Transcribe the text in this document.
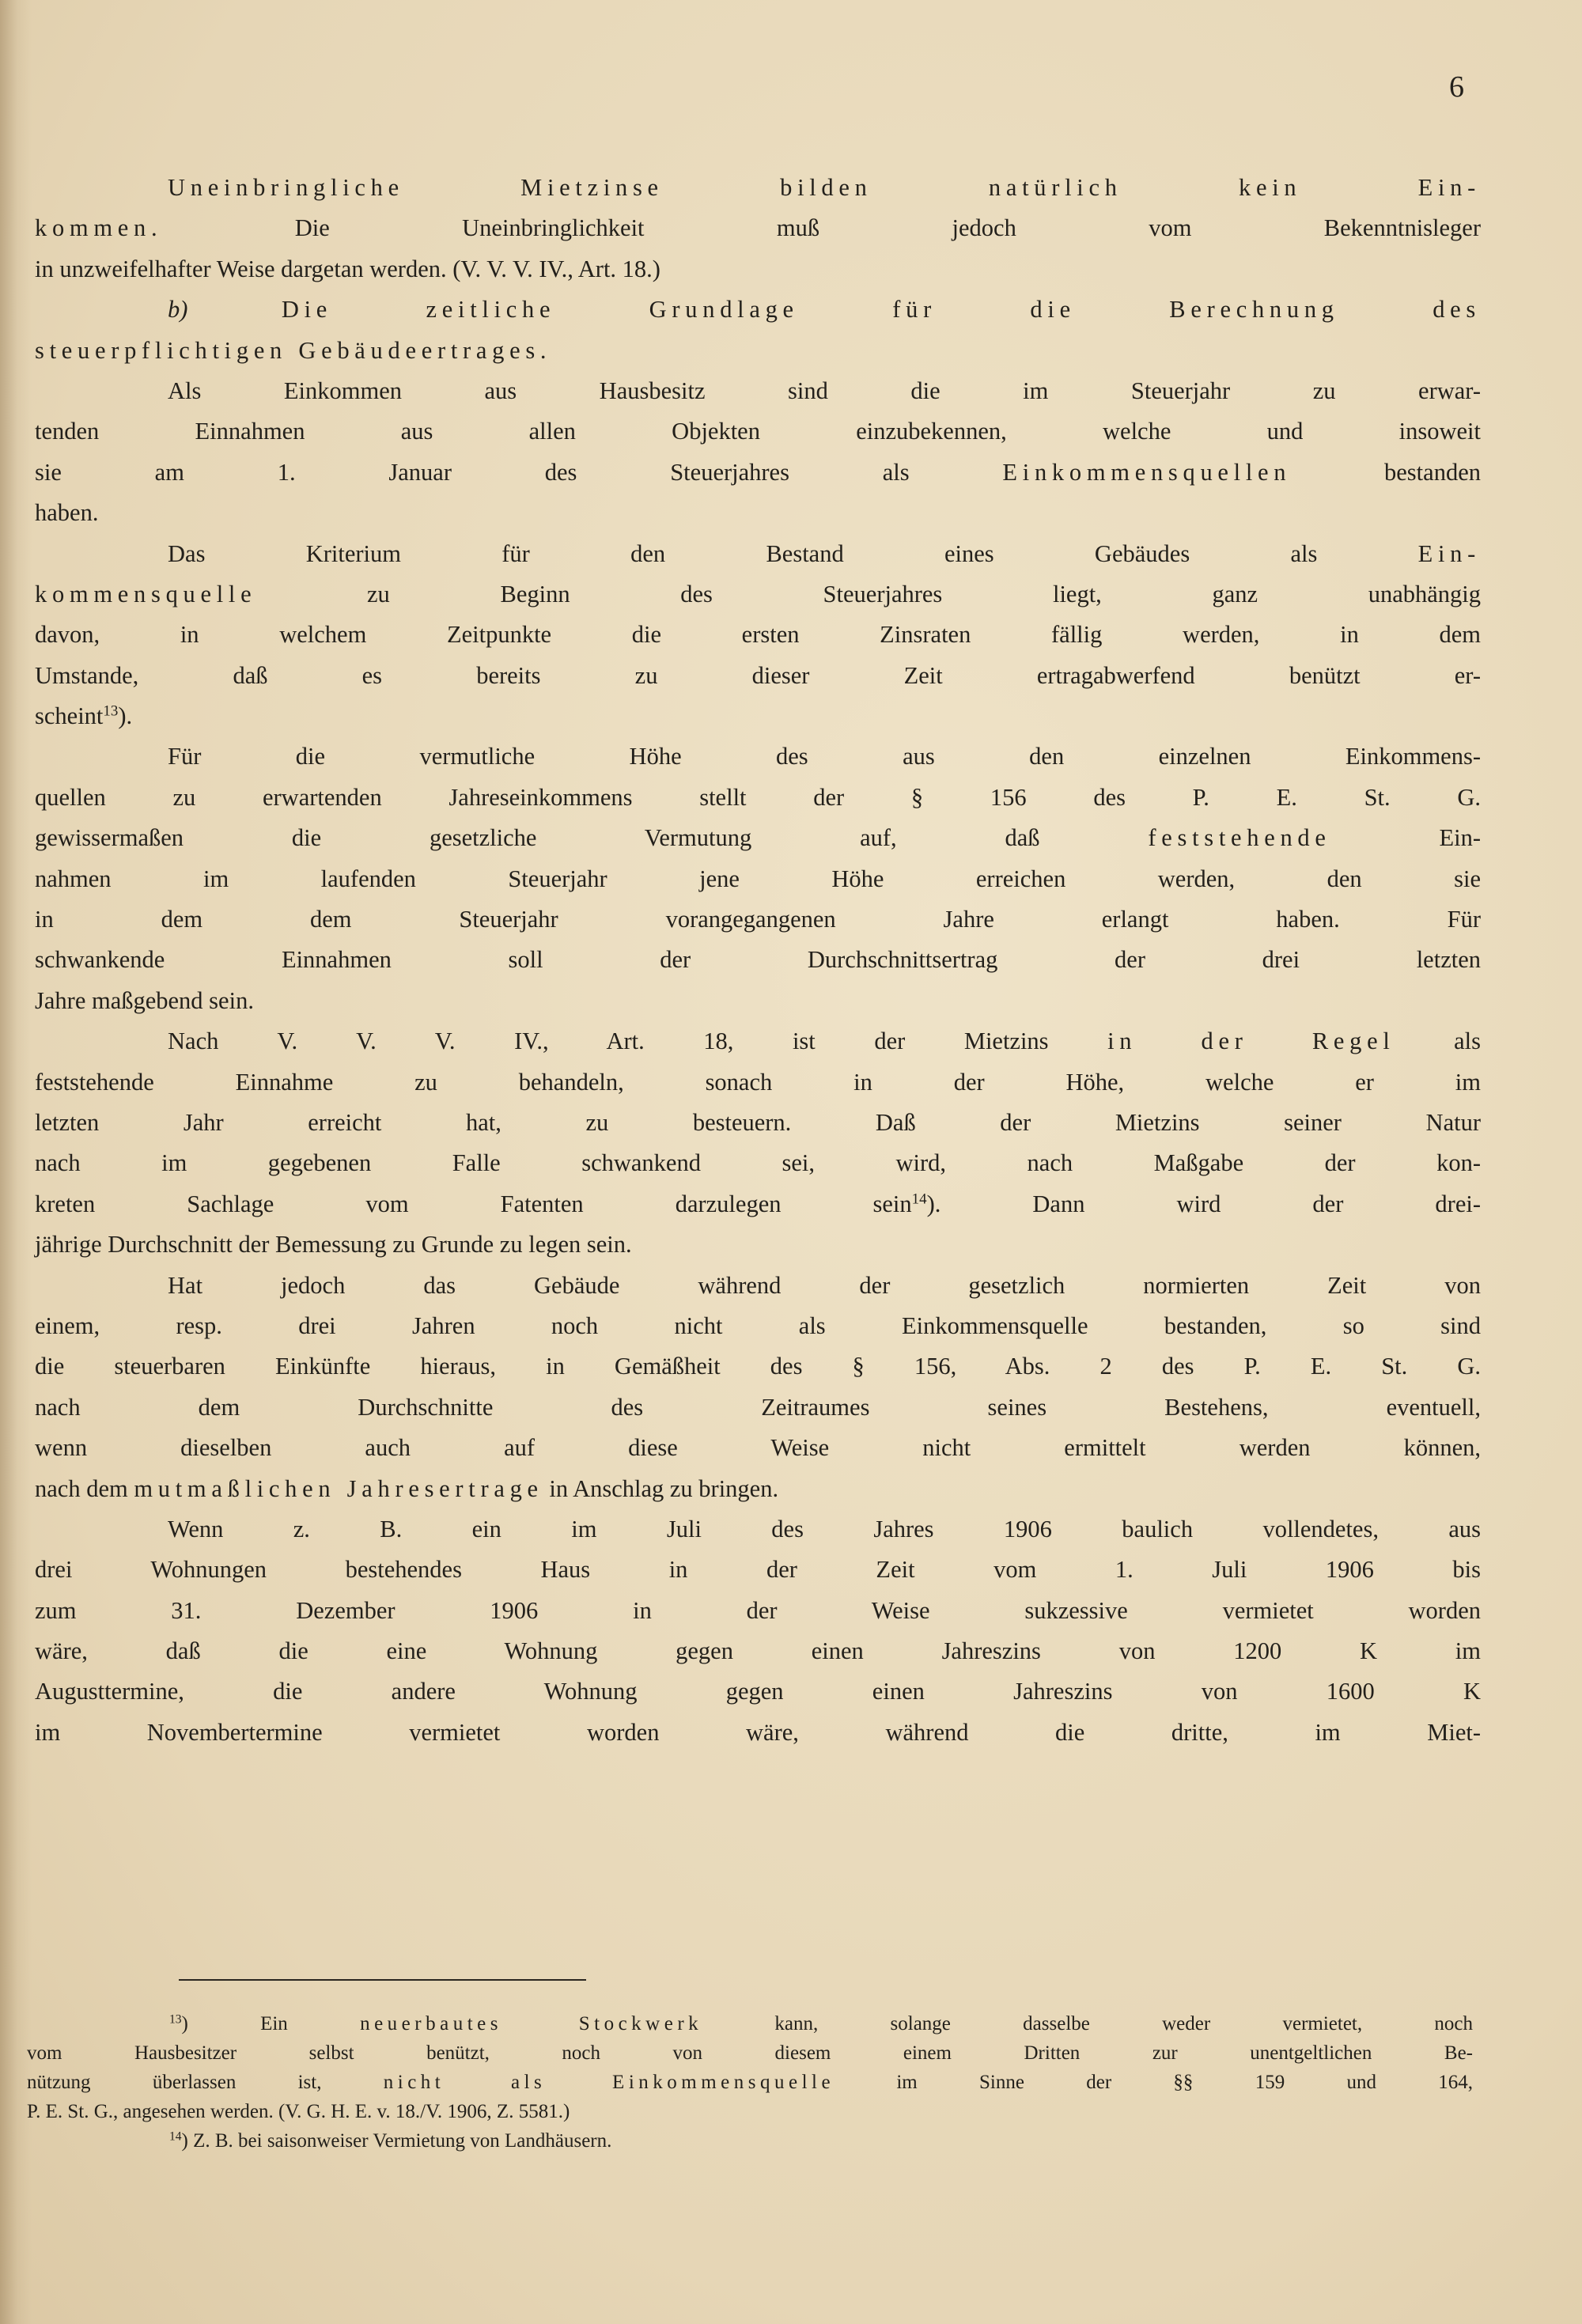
6
Uneinbringliche Mietzinse bilden natürlich kein Ein-
kommen. Die Uneinbringlichkeit muß jedoch vom Bekenntnisleger
in unzweifelhafter Weise dargetan werden. (V. V. V. IV., Art. 18.)
b) Die zeitliche Grundlage für die Berechnung des
steuerpflichtigen Gebäudeertrages.
Als Einkommen aus Hausbesitz sind die im Steuerjahr zu erwar-
tenden Einnahmen aus allen Objekten einzubekennen, welche und insoweit
sie am 1. Januar des Steuerjahres als Einkommensquellen bestanden
haben.
Das Kriterium für den Bestand eines Gebäudes als Ein-
kommensquelle zu Beginn des Steuerjahres liegt, ganz unabhängig
davon, in welchem Zeitpunkte die ersten Zinsraten fällig werden, in dem
Umstande, daß es bereits zu dieser Zeit ertragabwerfend benützt er-
scheint$^{13}$).
Für die vermutliche Höhe des aus den einzelnen Einkommens-
quellen zu erwartenden Jahreseinkommens stellt der § 156 des P. E. St. G.
gewissermaßen die gesetzliche Vermutung auf, daß feststehende Ein-
nahmen im laufenden Steuerjahr jene Höhe erreichen werden, den sie
in dem dem Steuerjahr vorangegangenen Jahre erlangt haben. Für
schwankende Einnahmen soll der Durchschnittsertrag der drei letzten
Jahre maßgebend sein.
Nach V. V. V. IV., Art. 18, ist der Mietzins in der Regel als
feststehende Einnahme zu behandeln, sonach in der Höhe, welche er im
letzten Jahr erreicht hat, zu besteuern. Daß der Mietzins seiner Natur
nach im gegebenen Falle schwankend sei, wird, nach Maßgabe der kon-
kreten Sachlage vom Fatenten darzulegen sein$^{14}$). Dann wird der drei-
jährige Durchschnitt der Bemessung zu Grunde zu legen sein.
Hat jedoch das Gebäude während der gesetzlich normierten Zeit von
einem, resp. drei Jahren noch nicht als Einkommensquelle bestanden, so sind
die steuerbaren Einkünfte hieraus, in Gemäßheit des § 156, Abs. 2 des P. E. St. G.
nach dem Durchschnitte des Zeitraumes seines Bestehens, eventuell,
wenn dieselben auch auf diese Weise nicht ermittelt werden können,
nach dem mutmaßlichen Jahresertrage in Anschlag zu bringen.
Wenn z. B. ein im Juli des Jahres 1906 baulich vollendetes, aus
drei Wohnungen bestehendes Haus in der Zeit vom 1. Juli 1906 bis
zum 31. Dezember 1906 in der Weise sukzessive vermietet worden
wäre, daß die eine Wohnung gegen einen Jahreszins von 1200 K im
Augusttermine, die andere Wohnung gegen einen Jahreszins von 1600 K
im Novembertermine vermietet worden wäre, während die dritte, im Miet-
$^{13}$) Ein neuerbautes Stockwerk kann, solange dasselbe weder vermietet, noch
vom Hausbesitzer selbst benützt, noch von diesem einem Dritten zur unentgeltlichen Be-
nützung überlassen ist, nicht als Einkommensquelle im Sinne der §§ 159 und 164,
P. E. St. G., angesehen werden. (V. G. H. E. v. 18./V. 1906, Z. 5581.)
$^{14}$) Z. B. bei saisonweiser Vermietung von Landhäusern.
